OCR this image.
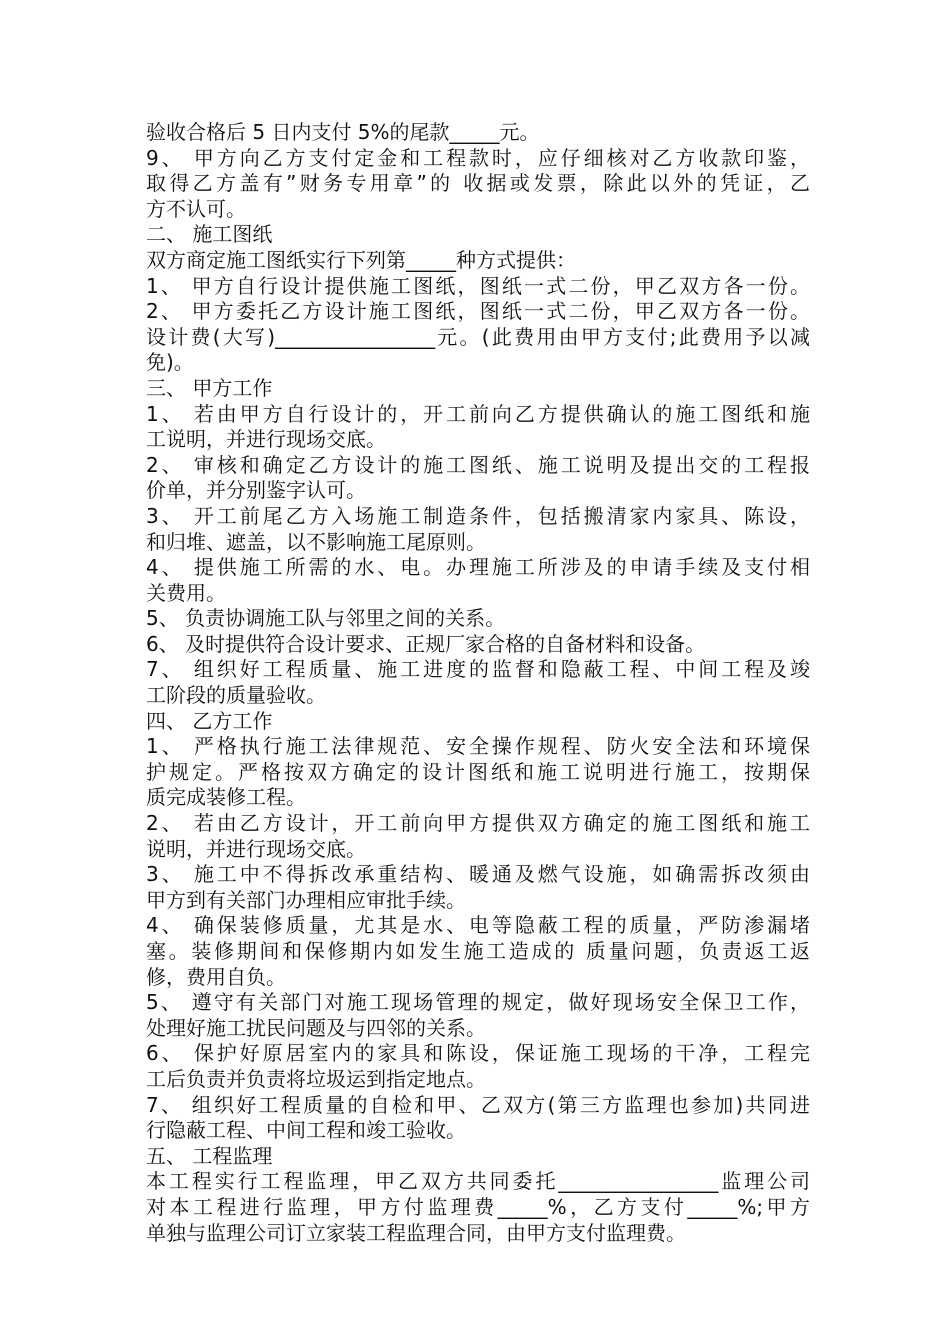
验收合格后 5 日内支付 5%的尾款_____元。
9、 甲方向乙方支付定金和工程款时，应仔细核对乙方收款印鉴，
取得乙方盖有”财务专用章”的 收据或发票，除此以外的凭证，乙
方不认可。
二、 施工图纸
双方商定施工图纸实行下列第_____种方式提供：
1、 甲方自行设计提供施工图纸，图纸一式二份，甲乙双方各一份。
2、 甲方委托乙方设计施工图纸，图纸一式二份，甲乙双方各一份。
设计费(大写)________________元。(此费用由甲方支付;此费用予以减
免)。
三、 甲方工作
1、 若由甲方自行设计的，开工前向乙方提供确认的施工图纸和施
工说明，并进行现场交底。
2、 审核和确定乙方设计的施工图纸、施工说明及提出交的工程报
价单，并分别鉴字认可。
3、 开工前尾乙方入场施工制造条件，包括搬清家内家具、陈设，
和归堆、遮盖，以不影响施工尾原则。
4、 提供施工所需的水、电。办理施工所涉及的申请手续及支付相
关费用。
5、 负责协调施工队与邻里之间的关系。
6、 及时提供符合设计要求、正规厂家合格的自备材料和设备。
7、 组织好工程质量、施工进度的监督和隐蔽工程、中间工程及竣
工阶段的质量验收。
四、 乙方工作
1、 严格执行施工法律规范、安全操作规程、防火安全法和环境保
护规定。严格按双方确定的设计图纸和施工说明进行施工，按期保
质完成装修工程。
2、 若由乙方设计，开工前向甲方提供双方确定的施工图纸和施工
说明，并进行现场交底。
3、 施工中不得拆改承重结构、暖通及燃气设施，如确需拆改须由
甲方到有关部门办理相应审批手续。
4、 确保装修质量，尤其是水、电等隐蔽工程的质量，严防渗漏堵
塞。装修期间和保修期内如发生施工造成的 质量问题，负责返工返
修，费用自负。
5、 遵守有关部门对施工现场管理的规定，做好现场安全保卫工作，
处理好施工扰民问题及与四邻的关系。
6、 保护好原居室内的家具和陈设，保证施工现场的干净，工程完
工后负责并负责将垃圾运到指定地点。
7、 组织好工程质量的自检和甲、乙双方(第三方监理也参加)共同进
行隐蔽工程、中间工程和竣工验收。
五、 工程监理
本工程实行工程监理，甲乙双方共同委托________________监理公司
对本工程进行监理，甲方付监理费_____%，乙方支付_____%;甲方
单独与监理公司订立家装工程监理合同，由甲方支付监理费。
